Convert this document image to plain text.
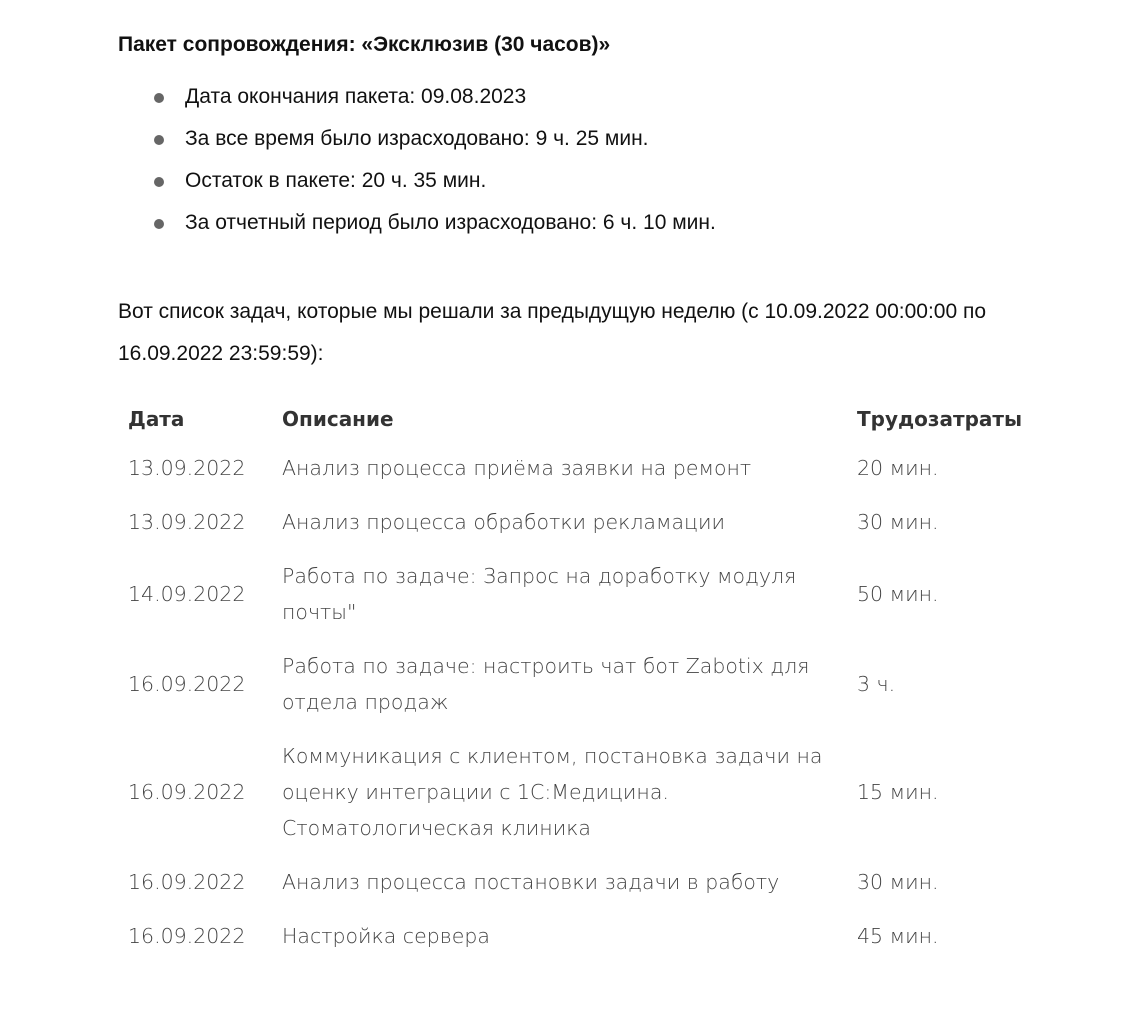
Пакет сопровождения: «Эксклюзив (30 часов)»

Дата окончания пакета: 09.08.2023
За все время было израсходовано: 9 ч. 25 мин.
Остаток в пакете: 20 ч. 35 мин.
За отчетный период было израсходовано: 6 ч. 10 мин.

Вот список задач, которые мы решали за предыдущую неделю (с 10.09.2022 00:00:00 по 16.09.2022 23:59:59):

Дата	Описание	Трудозатраты
13.09.2022	Анализ процесса приёма заявки на ремонт	20 мин.
13.09.2022	Анализ процесса обработки рекламации	30 мин.
14.09.2022	Работа по задаче: Запрос на доработку модуля почты"	50 мин.
16.09.2022	Работа по задаче: настроить чат бот Zabotix для отдела продаж	3 ч.
16.09.2022	Коммуникация с клиентом, постановка задачи на оценку интеграции с 1С:Медицина. Стоматологическая клиника	15 мин.
16.09.2022	Анализ процесса постановки задачи в работу	30 мин.
16.09.2022	Настройка сервера	45 мин.
